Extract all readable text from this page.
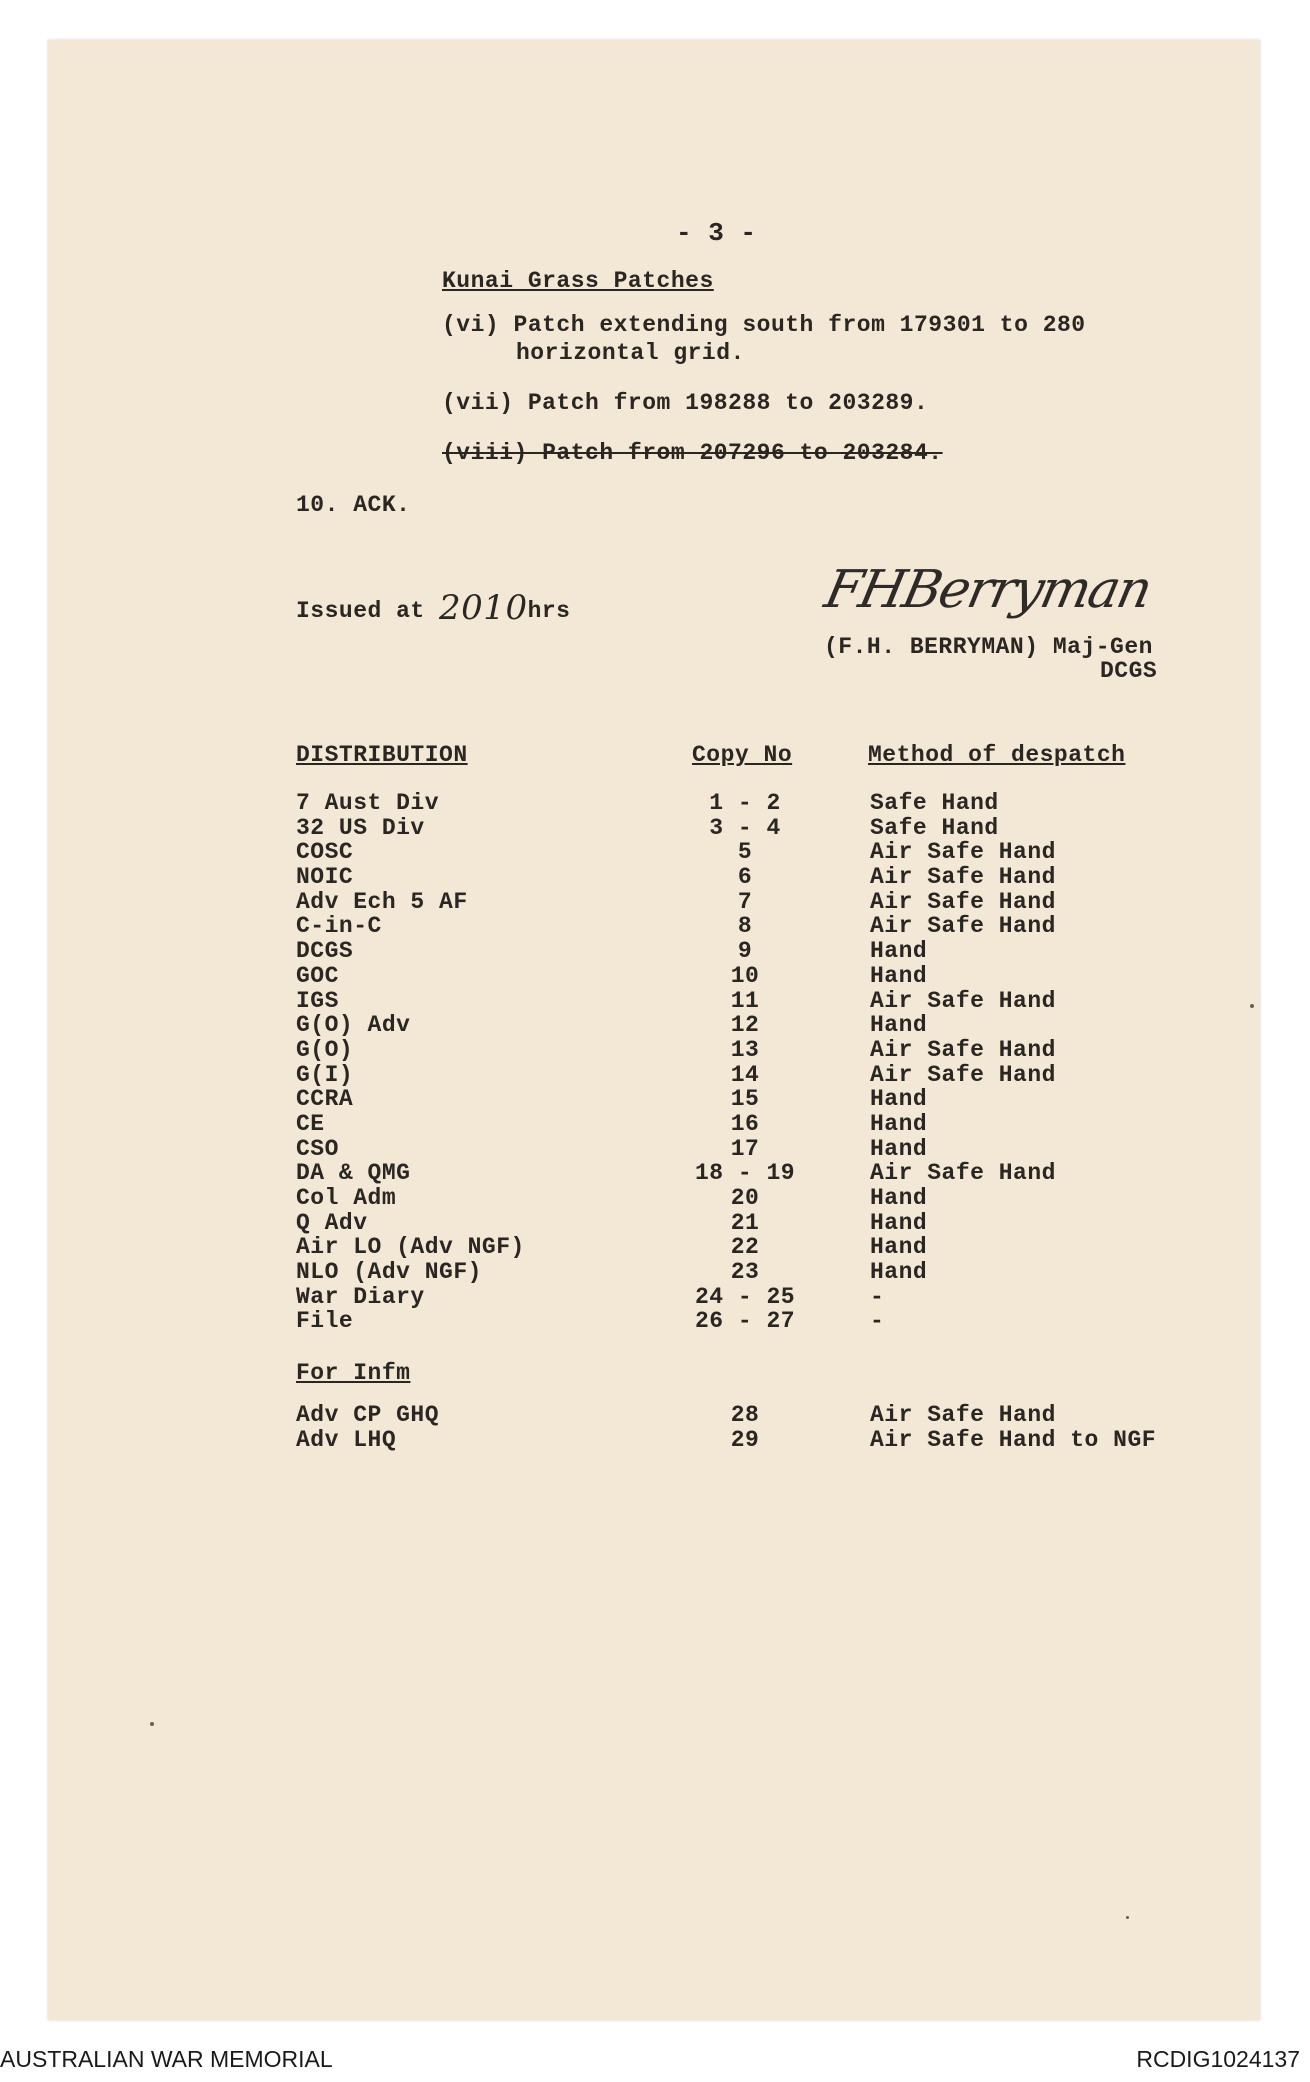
- 3 -
Kunai Grass Patches
(vi) Patch extending south from 179301 to 280
horizontal grid.
(vii) Patch from 198288 to 203289.
(viii) Patch from 207296 to 203284.
10. ACK.
Issued at 2010hrs	FHBerryman
(F.H. BERRYMAN) Maj-Gen
DCGS
DISTRIBUTION	Copy No	Method of despatch
7 Aust Div	1 - 2	Safe Hand
32 US Div	3 - 4	Safe Hand
COSC	5	Air Safe Hand
NOIC	6	Air Safe Hand
Adv Ech 5 AF	7	Air Safe Hand
C-in-C	8	Air Safe Hand
DCGS	9	Hand
GOC	10	Hand
IGS	11	Air Safe Hand
G(O) Adv	12	Hand
G(O)	13	Air Safe Hand
G(I)	14	Air Safe Hand
CCRA	15	Hand
CE	16	Hand
CSO	17	Hand
DA & QMG	18 - 19	Air Safe Hand
Col Adm	20	Hand
Q Adv	21	Hand
Air LO (Adv NGF)	22	Hand
NLO (Adv NGF)	23	Hand
War Diary	24 - 25	-
File	26 - 27	-
For Infm
Adv CP GHQ	28	Air Safe Hand
Adv LHQ	29	Air Safe Hand to NGF
AUSTRALIAN WAR MEMORIAL	RCDIG1024137
